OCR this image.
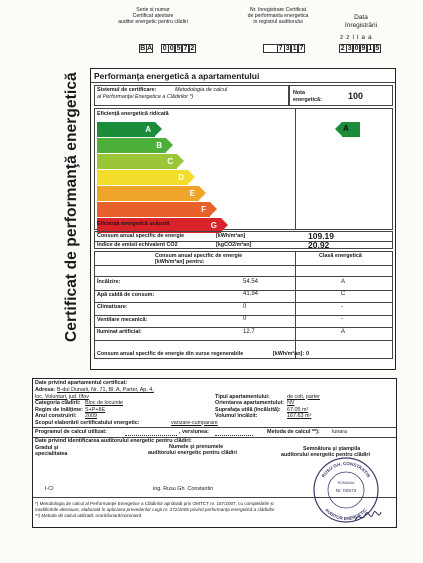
Serie si numar
Certificat atestare
auditor energetic pentru clădiri
B A 0 0 5 7 2
Nr. înregistrare Certificat
de performanta energetica
in registrul auditorului
7 3 1 7
Data
înregistrării
z z l l a a
2 3 0 9 1 5
Certificat de performanţă energetică Performanţa energetică a apartamentului
Sistemul de certificare:	Metodologia de calcul
al Performanţei Energetice a Clădirilor *)
Nota
energetică:	100
Eficienţă energetică ridicată
A
B
C
D
E
F
G
A
Eficienţă energetică scăzută
Consum anual specific de energie	[kWh/m²an]	109.19
Indice de emisii echivalent CO2	[kgCO2/m²an]	20.92
Consum anual specific de energie
[kWh/m²an] pentru:
Clasă energetică
Încălzire:	54.54	A
Apă caldă de consum:	41.94	C
Climatizare:	0	-
Ventilare mecanică:	0	-
Iluminat artificial:	12.7	A
Consum anual specific de energie din surse regenerabile	[kWh/m²an]: 0
Date privind apartamentul certificat:
Adresa: B-dul Dunarii, Nr. 71, Bl. A, Parter, Ap. 4,
loc. Voluntari, jud. Ilfov
Categoria clădirii: Bloc de locuinte
Regim de înălţime: S+P+8E
Anul construirii: 2009
Scopul elaborării certificatului energetic:	vanzare-cumparare
Tipul apartamentului:	de colt, parter
Orientarea apartamentului: NV
Suprafaţa utilă (încălzită): 67.05 m²
Volumul încălzit:	167.63 m³
Programul de calcul utilizat:	, versiunea:	Metoda de calcul **): lunara
Date privind identificarea auditorului energetic pentru clădiri:
Gradul şi
specialitatea
Numele şi prenumele
auditorului energetic pentru clădiri
Semnătura şi ştampila
auditorului energetic pentru clădiri
I-CI	ing. Rusu Gh. Constantin
*) Metodologia de calcul al Performanţei Energetice a Clădirilor aprobată prin OMTCT nr. 157/2007, cu completările și
modificările ulterioare, elaborată în aplicarea prevederilor Legii nr. 372/2005 privind performanța energetică a clădirilor
**) Metoda de calcul utilizată: orară/lunară/sezonieră
RUSU GH. CONSTANTIN
AUDITOR ENERGETIC
ROMANIA
Nr. 00572
